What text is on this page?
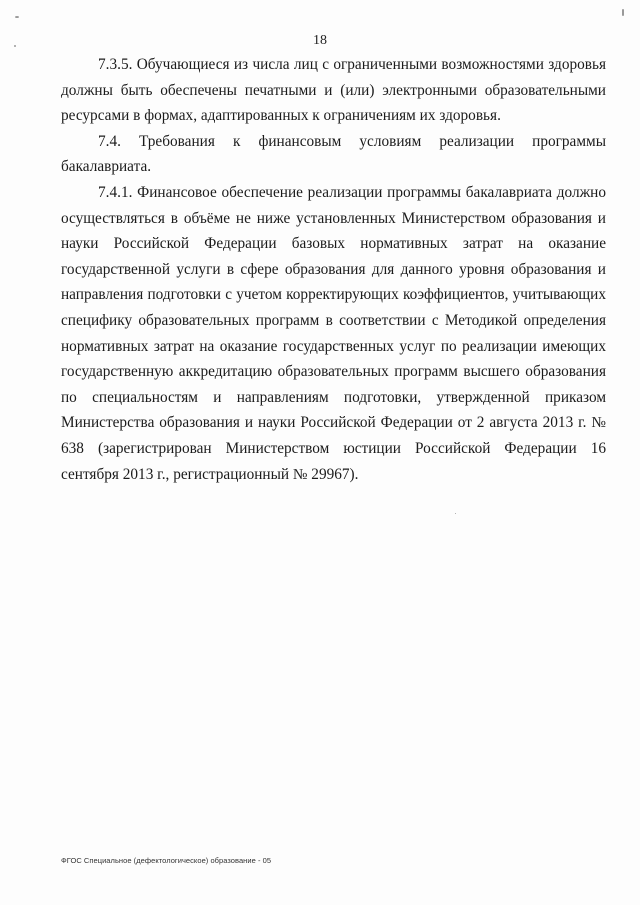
18

7.3.5. Обучающиеся из числа лиц с ограниченными возможностями здоровья должны быть обеспечены печатными и (или) электронными образовательными ресурсами в формах, адаптированных к ограничениям их здоровья.

7.4. Требования к финансовым условиям реализации программы бакалавриата.

7.4.1. Финансовое обеспечение реализации программы бакалавриата должно осуществляться в объёме не ниже установленных Министерством образования и науки Российской Федерации базовых нормативных затрат на оказание государственной услуги в сфере образования для данного уровня образования и направления подготовки с учетом корректирующих коэффициентов, учитывающих специфику образовательных программ в соответствии с Методикой определения нормативных затрат на оказание государственных услуг по реализации имеющих государственную аккредитацию образовательных программ высшего образования по специальностям и направлениям подготовки, утвержденной приказом Министерства образования и науки Российской Федерации от 2 августа 2013 г. № 638 (зарегистрирован Министерством юстиции Российской Федерации 16 сентября 2013 г., регистрационный № 29967).

ФГОС Специальное (дефектологическое) образование - 05
